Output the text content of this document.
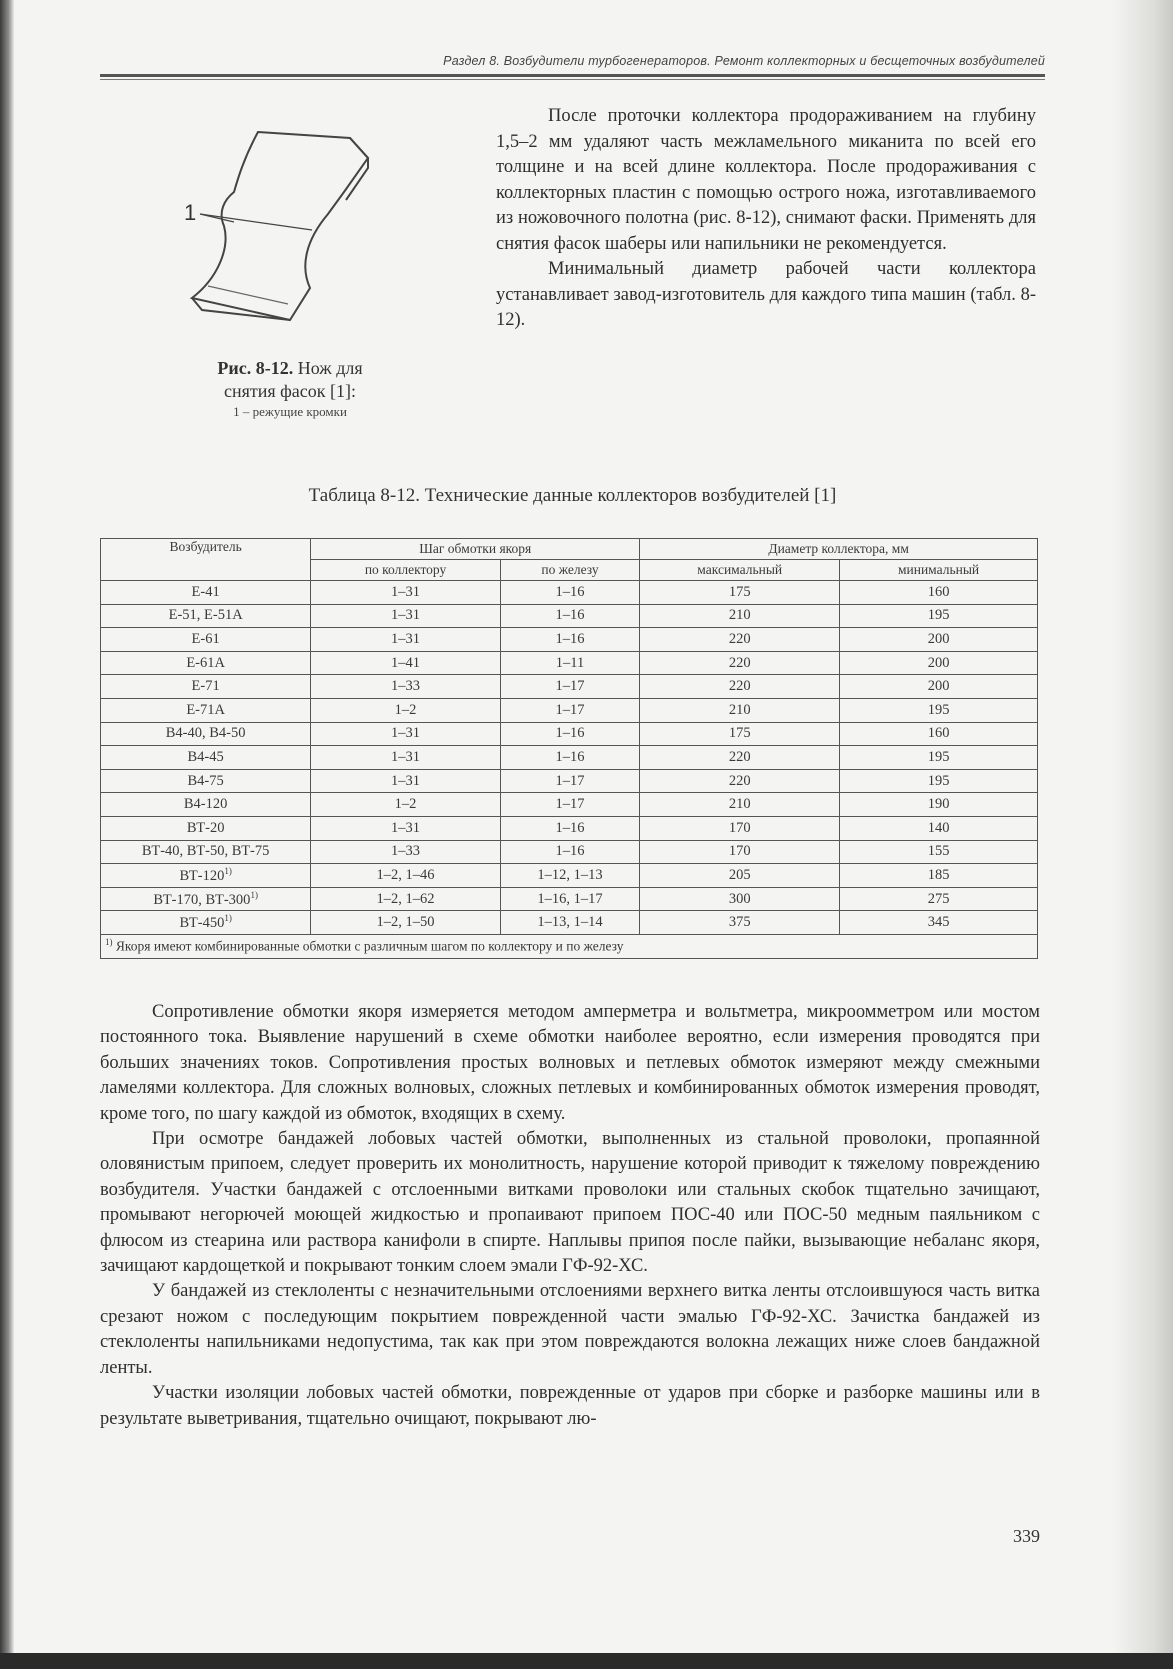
Раздел 8. Возбудители турбогенераторов. Ремонт коллекторных и бесщеточных возбудителей
1
Рис. 8-12. Нож для
снятия фасок [1]:
1 – режущие кромки

После проточки коллектора продораживанием на глубину 1,5–2 мм удаляют часть межламельного миканита по всей его толщине и на всей длине коллектора. После продораживания с коллекторных пластин с помощью острого ножа, изготавливаемого из ножовочного полотна (рис. 8-12), снимают фаски. Применять для снятия фасок шаберы или напильники не рекомендуется.

Минимальный диаметр рабочей части коллектора устанавливает завод-изготовитель для каждого типа машин (табл. 8-12).

Таблица 8-12. Технические данные коллекторов возбудителей [1]
Возбудитель	Шаг обмотки якоря		Диаметр коллектора, мм	
	по коллектору	по железу	максимальный	минимальный
Е-41	1–31	1–16	175	160
Е-51, Е-51А	1–31	1–16	210	195
Е-61	1–31	1–16	220	200
Е-61А	1–41	1–11	220	200
Е-71	1–33	1–17	220	200
Е-71А	1–2	1–17	210	195
В4-40, В4-50	1–31	1–16	175	160
В4-45	1–31	1–16	220	195
В4-75	1–31	1–17	220	195
В4-120	1–2	1–17	210	190
ВТ-20	1–31	1–16	170	140
ВТ-40, ВТ-50, ВТ-75	1–33	1–16	170	155
ВТ-120$^{1)}$	1–2, 1–46	1–12, 1–13	205	185
ВТ-170, ВТ-300$^{1)}$	1–2, 1–62	1–16, 1–17	300	275
ВТ-450$^{1)}$	1–2, 1–50	1–13, 1–14	375	345
$^{1)}$ Якоря имеют комбинированные обмотки с различным шагом по коллектору и по железу				

Сопротивление обмотки якоря измеряется методом амперметра и вольтметра, микроомметром или мостом постоянного тока. Выявление нарушений в схеме обмотки наиболее вероятно, если измерения проводятся при больших значениях токов. Сопротивления простых волновых и петлевых обмоток измеряют между смежными ламелями коллектора. Для сложных волновых, сложных петлевых и комбинированных обмоток измерения проводят, кроме того, по шагу каждой из обмоток, входящих в схему.

При осмотре бандажей лобовых частей обмотки, выполненных из стальной проволоки, пропаянной оловянистым припоем, следует проверить их монолитность, нарушение которой приводит к тяжелому повреждению возбудителя. Участки бандажей с отслоенными витками проволоки или стальных скобок тщательно зачищают, промывают негорючей моющей жидкостью и пропаивают припоем ПОС-40 или ПОС-50 медным паяльником с флюсом из стеарина или раствора канифоли в спирте. Наплывы припоя после пайки, вызывающие небаланс якоря, зачищают кардощеткой и покрывают тонким слоем эмали ГФ-92-ХС.

У бандажей из стеклоленты с незначительными отслоениями верхнего витка ленты отслоившуюся часть витка срезают ножом с последующим покрытием поврежденной части эмалью ГФ-92-ХС. Зачистка бандажей из стеклоленты напильниками недопустима, так как при этом повреждаются волокна лежащих ниже слоев бандажной ленты.

Участки изоляции лобовых частей обмотки, поврежденные от ударов при сборке и разборке машины или в результате выветривания, тщательно очищают, покрывают лю-

339
